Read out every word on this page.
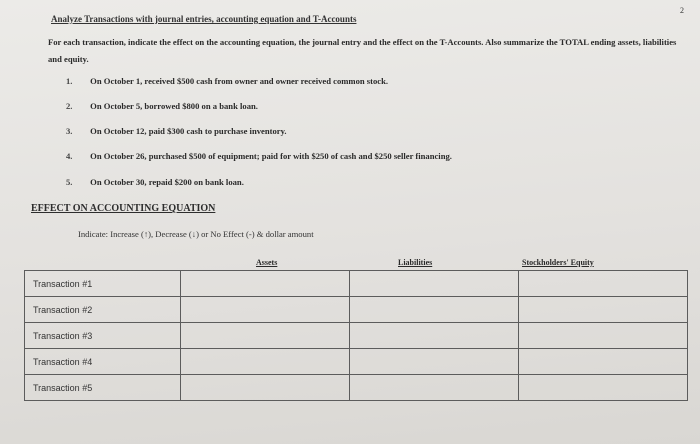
2
Analyze Transactions with journal entries, accounting equation and T-Accounts
For each transaction, indicate the effect on the accounting equation, the journal entry and the effect on the T-Accounts. Also summarize the TOTAL ending assets, liabilities and equity.
1. On October 1, received $500 cash from owner and owner received common stock.
2. On October 5, borrowed $800 on a bank loan.
3. On October 12, paid $300 cash to purchase inventory.
4. On October 26, purchased $500 of equipment; paid for with $250 of cash and $250 seller financing.
5. On October 30, repaid $200 on bank loan.
EFFECT ON ACCOUNTING EQUATION
Indicate: Increase (↑), Decrease (↓) or No Effect (-) & dollar amount
Assets	Liabilities	Stockholders' Equity
Transaction #1			
Transaction #2			
Transaction #3			
Transaction #4			
Transaction #5			
